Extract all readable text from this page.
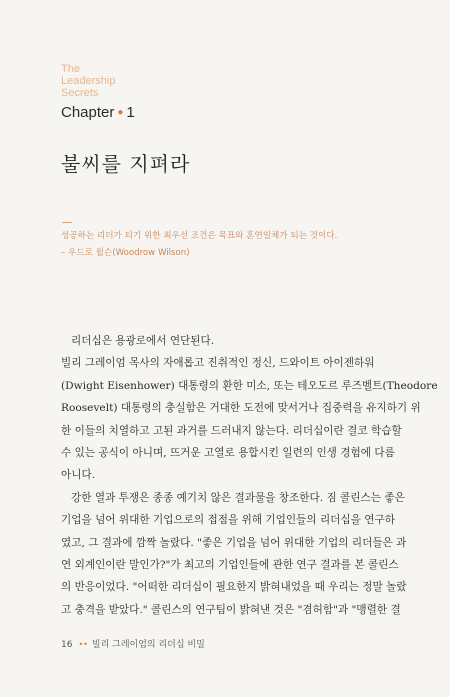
The
Leadership
Secrets
Chapter ● 1
불씨를 지펴라
성공하는 리더가 되기 위한 최우선 조건은 목표와 혼연일체가 되는 것이다.
– 우드로 윌슨(Woodrow Wilson)

리더십은 용광로에서 연단된다.
빌리 그레이엄 목사의 자애롭고 진취적인 정신, 드와이트 아이젠하워
(Dwight Eisenhower) 대통령의 환한 미소, 또는 테오도르 루즈벨트(Theodore
Roosevelt) 대통령의 충실함은 거대한 도전에 맞서거나 집중력을 유지하기 위
한 이들의 치열하고 고된 과거를 드러내지 않는다. 리더십이란 결코 학습할
수 있는 공식이 아니며, 뜨거운 고열로 용합시킨 일련의 인생 경험에 다름
아니다.

강한 열과 투쟁은 종종 예기치 않은 결과물을 창조한다. 짐 콜린스는 좋은
기업을 넘어 위대한 기업으로의 접점을 위해 기업인들의 리더십을 연구하
였고, 그 결과에 깜짝 놀랐다. "좋은 기업을 넘어 위대한 기업의 리더들은 과
연 외계인이란 말인가?"가 최고의 기업인들에 관한 연구 결과를 본 콜린스
의 반응이었다. "어떠한 리더십이 필요한지 밝혀내었을 때 우리는 정말 놀랐
고 충격을 받았다." 콜린스의 연구팀이 밝혀낸 것은 "겸허함"과 "맹렬한 결

16 •• 빌리 그레이엄의 리더십 비밀
